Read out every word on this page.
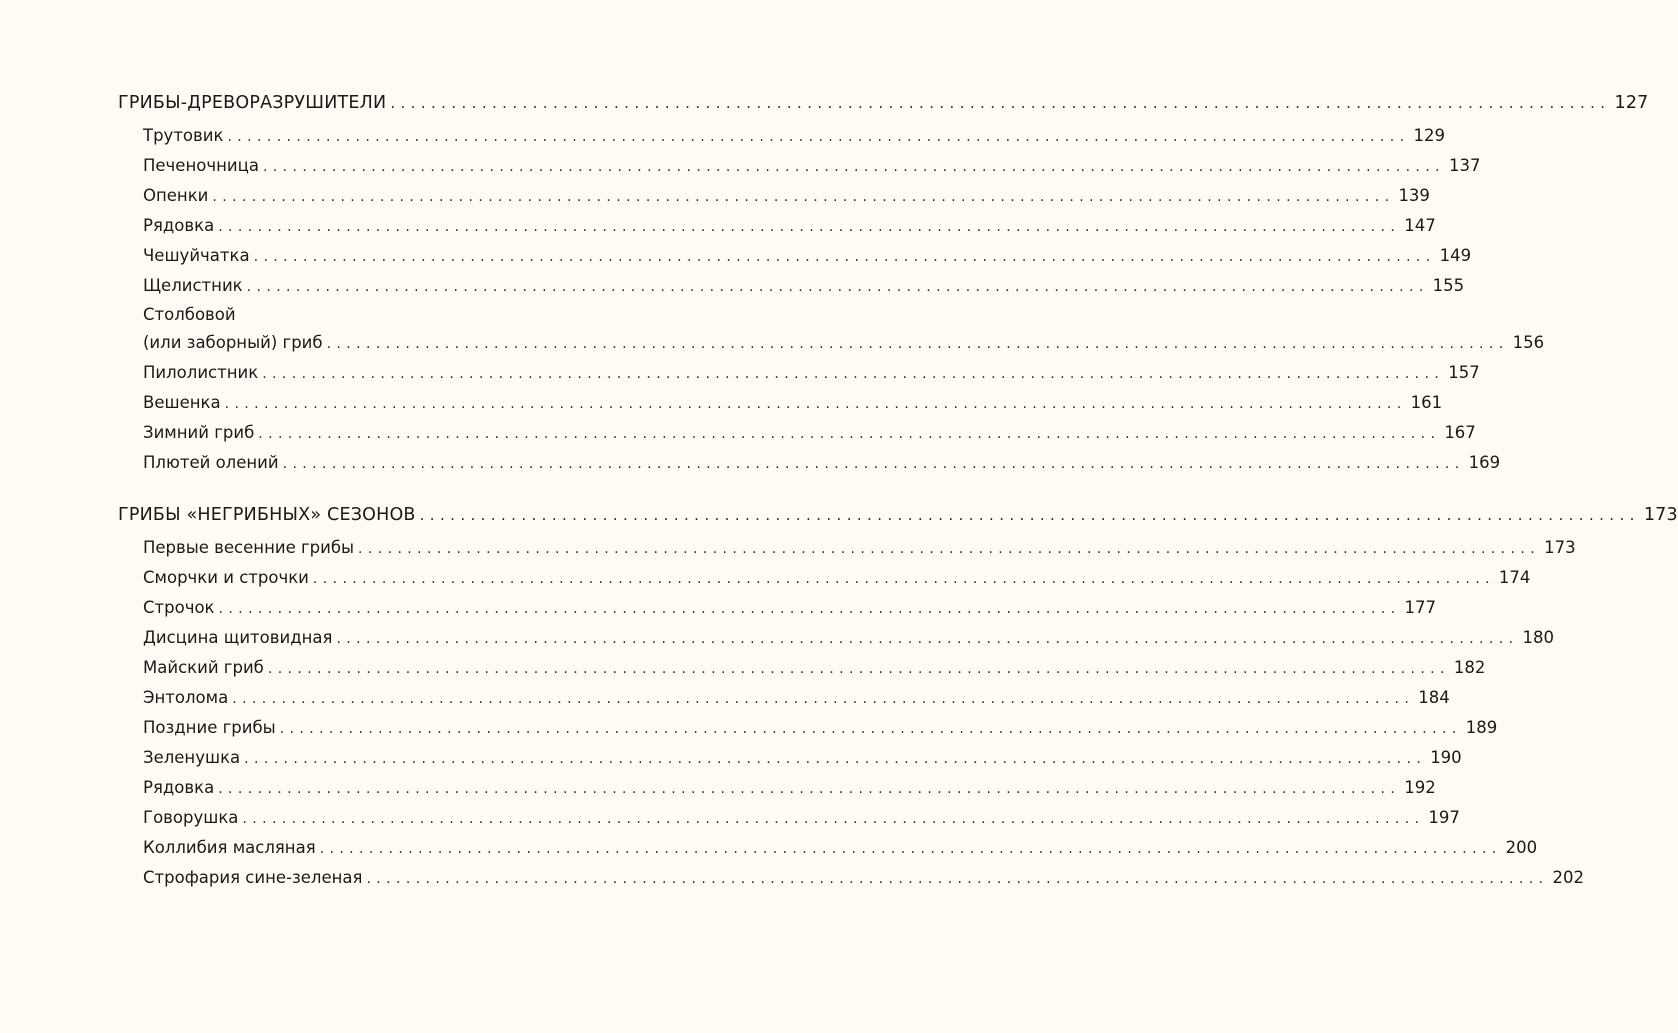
ГРИБЫ-ДРЕВОРАЗРУШИТЕЛИ ........................................................................................................................ 127
Трутовик ........................................................................................................................ 129
Печеночница ........................................................................................................................ 137
Опенки ........................................................................................................................ 139
Рядовка ........................................................................................................................ 147
Чешуйчатка ........................................................................................................................ 149
Щелистник ........................................................................................................................ 155
Столбовой
(или заборный) гриб ........................................................................................................................ 156
Пилолистник ........................................................................................................................ 157
Вешенка ........................................................................................................................ 161
Зимний гриб ........................................................................................................................ 167
Плютей олений ........................................................................................................................ 169
ГРИБЫ «НЕГРИБНЫХ» СЕЗОНОВ ........................................................................................................................ 173
Первые весенние грибы ........................................................................................................................ 173
Сморчки и строчки ........................................................................................................................ 174
Строчок ........................................................................................................................ 177
Дисцина щитовидная ........................................................................................................................ 180
Майский гриб ........................................................................................................................ 182
Энтолома ........................................................................................................................ 184
Поздние грибы ........................................................................................................................ 189
Зеленушка ........................................................................................................................ 190
Рядовка ........................................................................................................................ 192
Говорушка ........................................................................................................................ 197
Коллибия масляная ........................................................................................................................ 200
Строфария сине-зеленая ........................................................................................................................ 202
